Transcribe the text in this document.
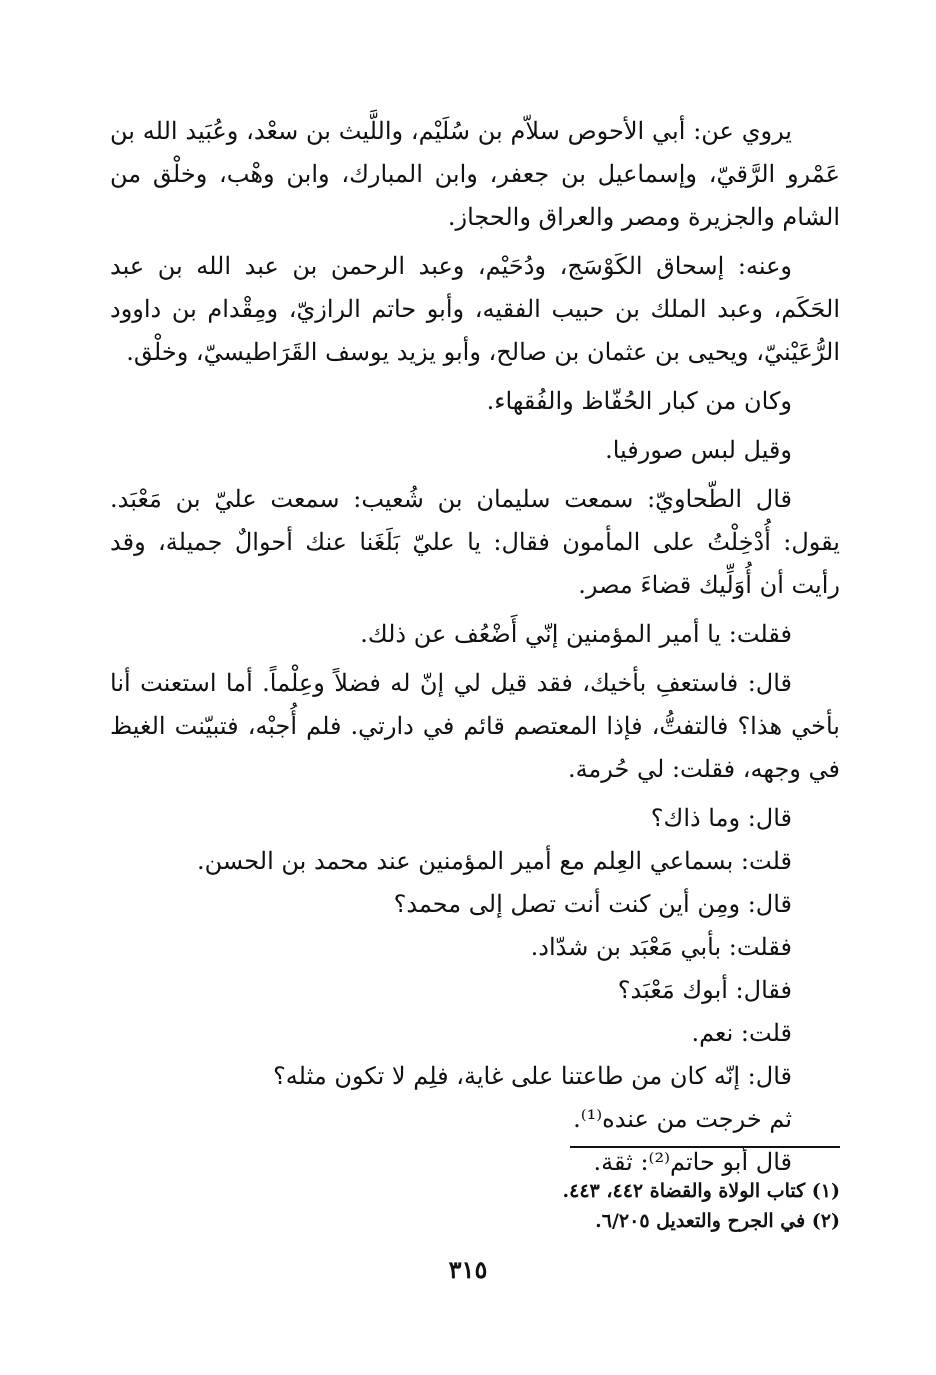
يروي عن: أبي الأحوص سلاّم بن سُلَيْم، واللَّيث بن سعْد، وعُبَيد الله بن عَمْرو الرَّقيّ، وإسماعيل بن جعفر، وابن المبارك، وابن وهْب، وخلْق من الشام والجزيرة ومصر والعراق والحجاز.

وعنه: إسحاق الكَوْسَج، ودُحَيْم، وعبد الرحمن بن عبد الله بن عبد الحَكَم، وعبد الملك بن حبيب الفقيه، وأبو حاتم الرازيّ، ومِقْدام بن داوود الرُّعَيْنيّ، ويحيى بن عثمان بن صالح، وأبو يزيد يوسف القَرَاطيسيّ، وخلْق.

وكان من كبار الحُفّاظ والفُقهاء.

وقيل لبس صورفيا.

قال الطّحاويّ: سمعت سليمان بن شُعيب: سمعت عليّ بن مَعْبَد. يقول: أُدْخِلْتُ على المأمون فقال: يا عليّ بَلَغَنا عنك أحوالٌ جميلة، وقد رأيت أن أُوَلِّيك قضاءَ مصر.

فقلت: يا أمير المؤمنين إنّي أَضْعُف عن ذلك.

قال: فاستعفِ بأخيك، فقد قيل لي إنّ له فضلاً وعِلْماً. أما استعنت أنا بأخي هذا؟ فالتفتُّ، فإذا المعتصم قائم في دارتي. فلم أُجبْه، فتبيّنت الغيظ في وجهه، فقلت: لي حُرمة.

قال: وما ذاك؟
قلت: بسماعي العِلم مع أمير المؤمنين عند محمد بن الحسن.
قال: ومِن أين كنت أنت تصل إلى محمد؟
فقلت: بأبي مَعْبَد بن شدّاد.
فقال: أبوك مَعْبَد؟
قلت: نعم.
قال: إنّه كان من طاعتنا على غاية، فلِم لا تكون مثله؟
ثم خرجت من عنده⁽¹⁾.
قال أبو حاتم⁽²⁾: ثقة.
(١) كتاب الولاة والقضاة ٤٤٢، ٤٤٣.
(٢) في الجرح والتعديل ٦/٢٠٥.
٣١٥
